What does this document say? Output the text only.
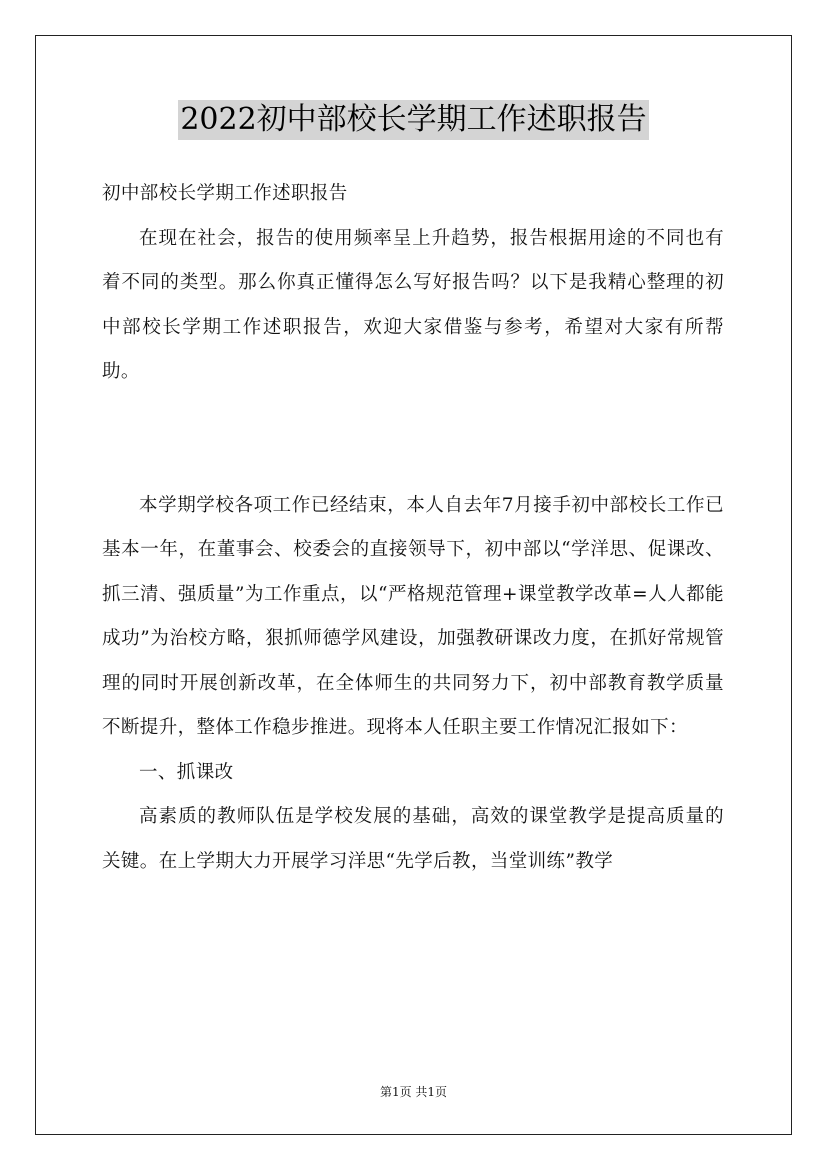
2022初中部校长学期工作述职报告

初中部校长学期工作述职报告

在现在社会，报告的使用频率呈上升趋势，报告根据用途的不同也有着不同的类型。那么你真正懂得怎么写好报告吗？以下是我精心整理的初中部校长学期工作述职报告，欢迎大家借鉴与参考，希望对大家有所帮助。

本学期学校各项工作已经结束，本人自去年7月接手初中部校长工作已基本一年，在董事会、校委会的直接领导下，初中部以“学洋思、促课改、抓三清、强质量”为工作重点，以“严格规范管理+课堂教学改革=人人都能成功”为治校方略，狠抓师德学风建设，加强教研课改力度，在抓好常规管理的同时开展创新改革，在全体师生的共同努力下，初中部教育教学质量不断提升，整体工作稳步推进。现将本人任职主要工作情况汇报如下：

一、抓课改

高素质的教师队伍是学校发展的基础，高效的课堂教学是提高质量的关键。在上学期大力开展学习洋思“先学后教，当堂训练”教学

第1页 共1页
